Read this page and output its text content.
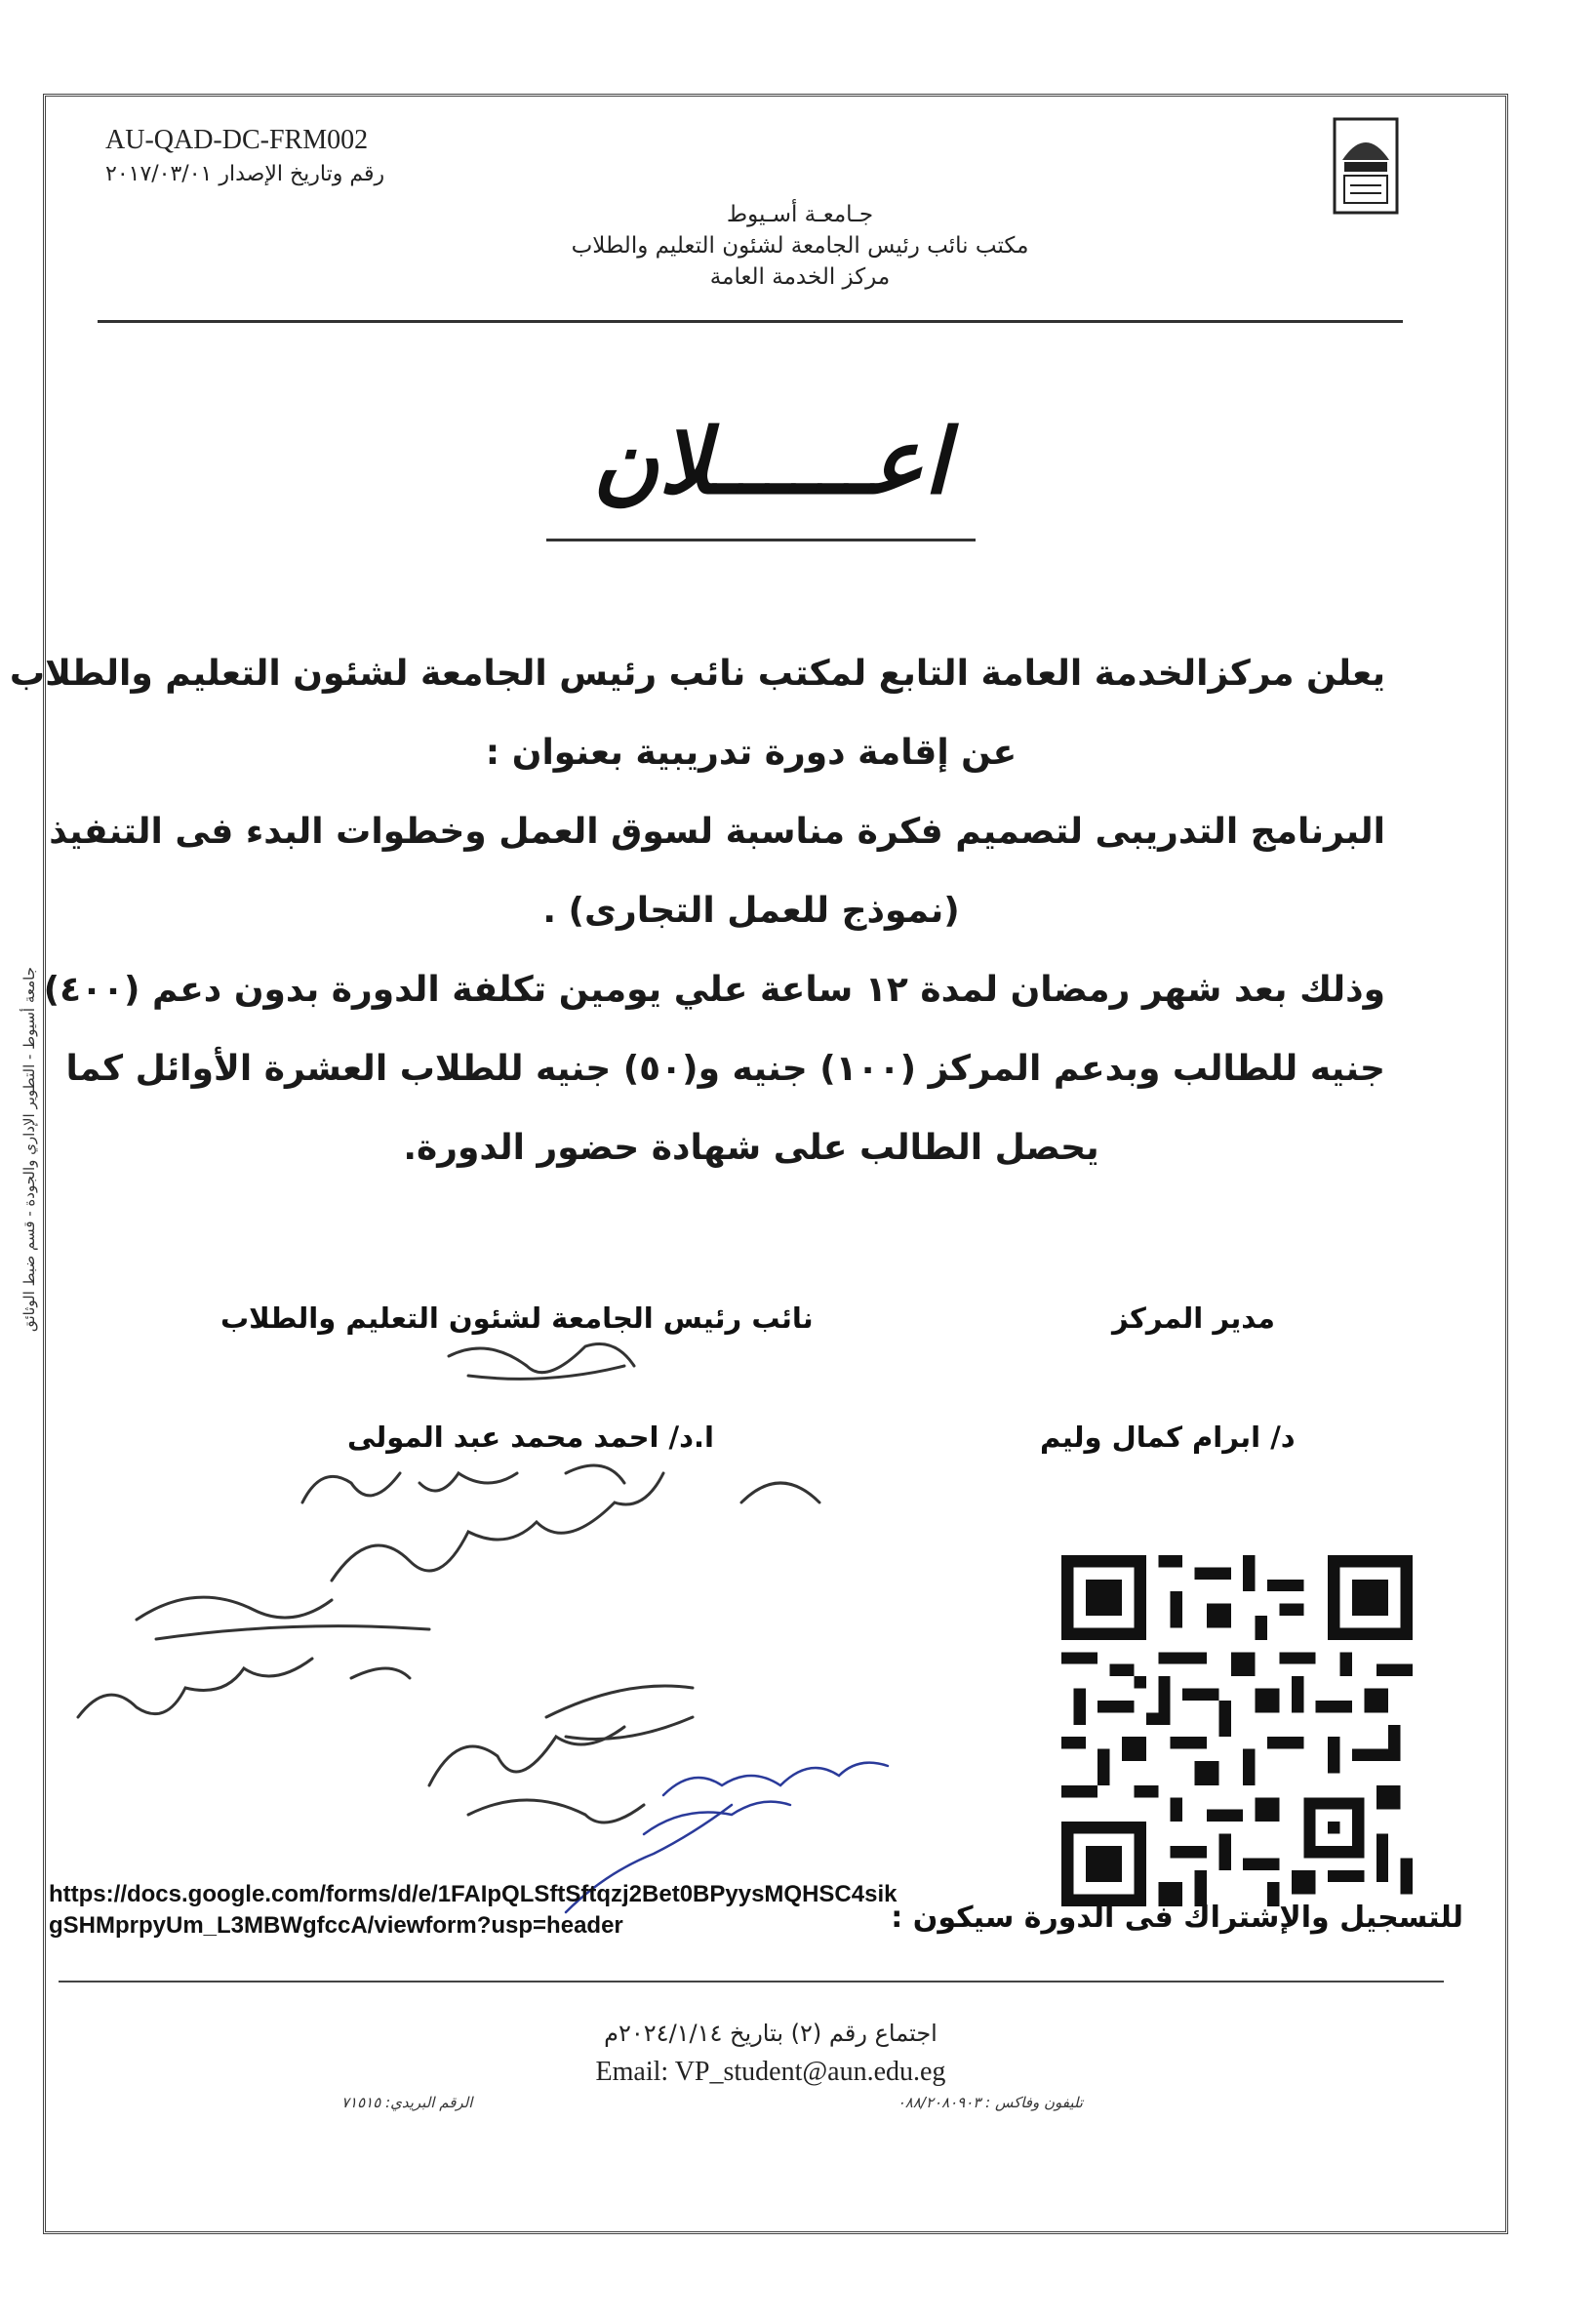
جامعة أسيوط - التطوير الإداري والجودة - قسم ضبط الوثائق
AU-QAD-DC-FRM002
رقم وتاريخ الإصدار ٢٠١٧/٠٣/٠١
جـامعـة أسـيوط
مكتب نائب رئيس الجامعة لشئون التعليم والطلاب
مركز الخدمة العامة
اعــــــلان
يعلن مركزالخدمة العامة التابع لمكتب نائب رئيس الجامعة لشئون التعليم والطلاب
عن إقامة دورة تدريبية بعنوان :
البرنامج التدريبى لتصميم فكرة مناسبة لسوق العمل وخطوات البدء فى التنفيذ
(نموذج للعمل التجارى) .
وذلك بعد شهر رمضان لمدة ١٢ ساعة علي يومين تكلفة الدورة بدون دعم (٤٠٠)
جنيه للطالب وبدعم المركز (١٠٠) جنيه و(٥٠) جنيه للطلاب العشرة الأوائل كما
يحصل الطالب على شهادة حضور الدورة.
مدير المركز
د/ ابرام كمال وليم
نائب رئيس الجامعة لشئون التعليم والطلاب
ا.د/ احمد محمد عبد المولى
https://docs.google.com/forms/d/e/1FAIpQLSftSftqzj2Bet0BPyysMQHSC4sikgSHMprpyUm_L3MBWgfccA/viewform?usp=header	للتسجيل والإشتراك فى الدورة سيكون :
اجتماع رقم (٢) بتاريخ ٢٠٢٤/١/١٤م
Email: VP_student@aun.edu.eg
تليفون وفاكس : ٠٨٨/٢٠٨٠٩٠٣
الرقم البريدي: ٧١٥١٥
